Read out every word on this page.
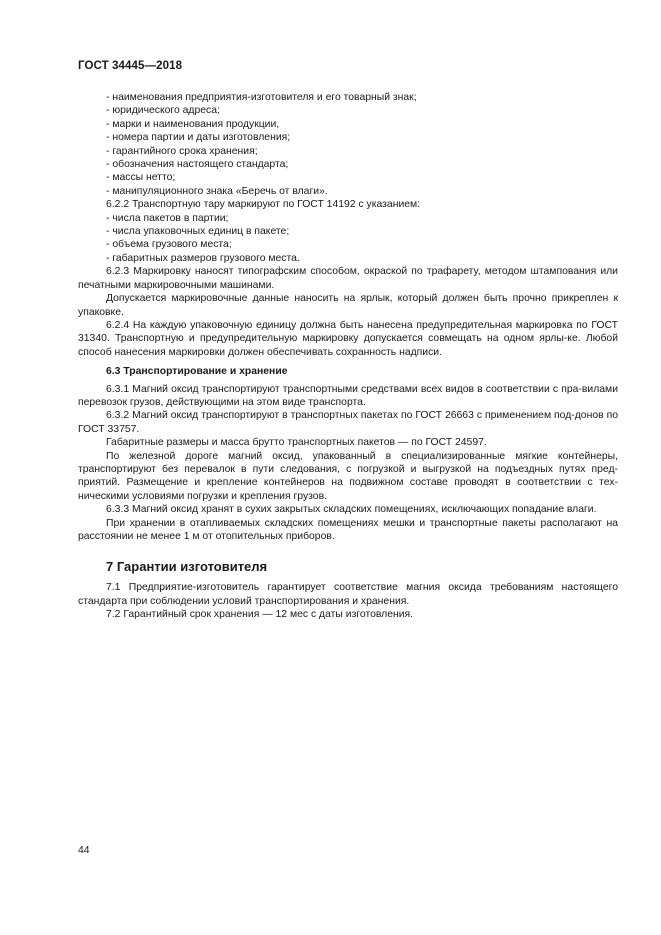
ГОСТ 34445—2018

- наименования предприятия-изготовителя и его товарный знак;

- юридического адреса;

- марки и наименования продукции,

- номера партии и даты изготовления;

- гарантийного срока хранения;

- обозначения настоящего стандарта;

- массы нетто;

- манипуляционного знака «Беречь от влаги».

6.2.2 Транспортную тару маркируют по ГОСТ 14192 с указанием:

- числа пакетов в партии;

- числа упаковочных единиц в пакете;

- объема грузового места;

- габаритных размеров грузового места.

6.2.3 Маркировку наносят типографским способом, окраской по трафарету, методом штампования или печатными маркировочными машинами.

Допускается маркировочные данные наносить на ярлык, который должен быть прочно прикреплен к упаковке.

6.2.4 На каждую упаковочную единицу должна быть нанесена предупредительная маркировка по ГОСТ 31340. Транспортную и предупредительную маркировку допускается совмещать на одном ярлы-ке. Любой способ нанесения маркировки должен обеспечивать сохранность надписи.

6.3 Транспортирование и хранение

6.3.1 Магний оксид транспортируют транспортными средствами всех видов в соответствии с пра-вилами перевозок грузов, действующими на этом виде транспорта.

6.3.2 Магний оксид транспортируют в транспортных пакетах по ГОСТ 26663 с применением под-донов по ГОСТ 33757.

Габаритные размеры и масса брутто транспортных пакетов — по ГОСТ 24597.

По железной дороге магний оксид, упакованный в специализированные мягкие контейнеры, транспортируют без перевалок в пути следования, с погрузкой и выгрузкой на подъездных путях пред-приятий. Размещение и крепление контейнеров на подвижном составе проводят в соответствии с тех-ническими условиями погрузки и крепления грузов.

6.3.3 Магний оксид хранят в сухих закрытых складских помещениях, исключающих попадание влаги.

При хранении в отапливаемых складских помещениях мешки и транспортные пакеты располагают на расстоянии не менее 1 м от отопительных приборов.

7 Гарантии изготовителя

7.1 Предприятие-изготовитель гарантирует соответствие магния оксида требованиям настоящего стандарта при соблюдении условий транспортирования и хранения.

7.2 Гарантийный срок хранения — 12 мес с даты изготовления.

44
